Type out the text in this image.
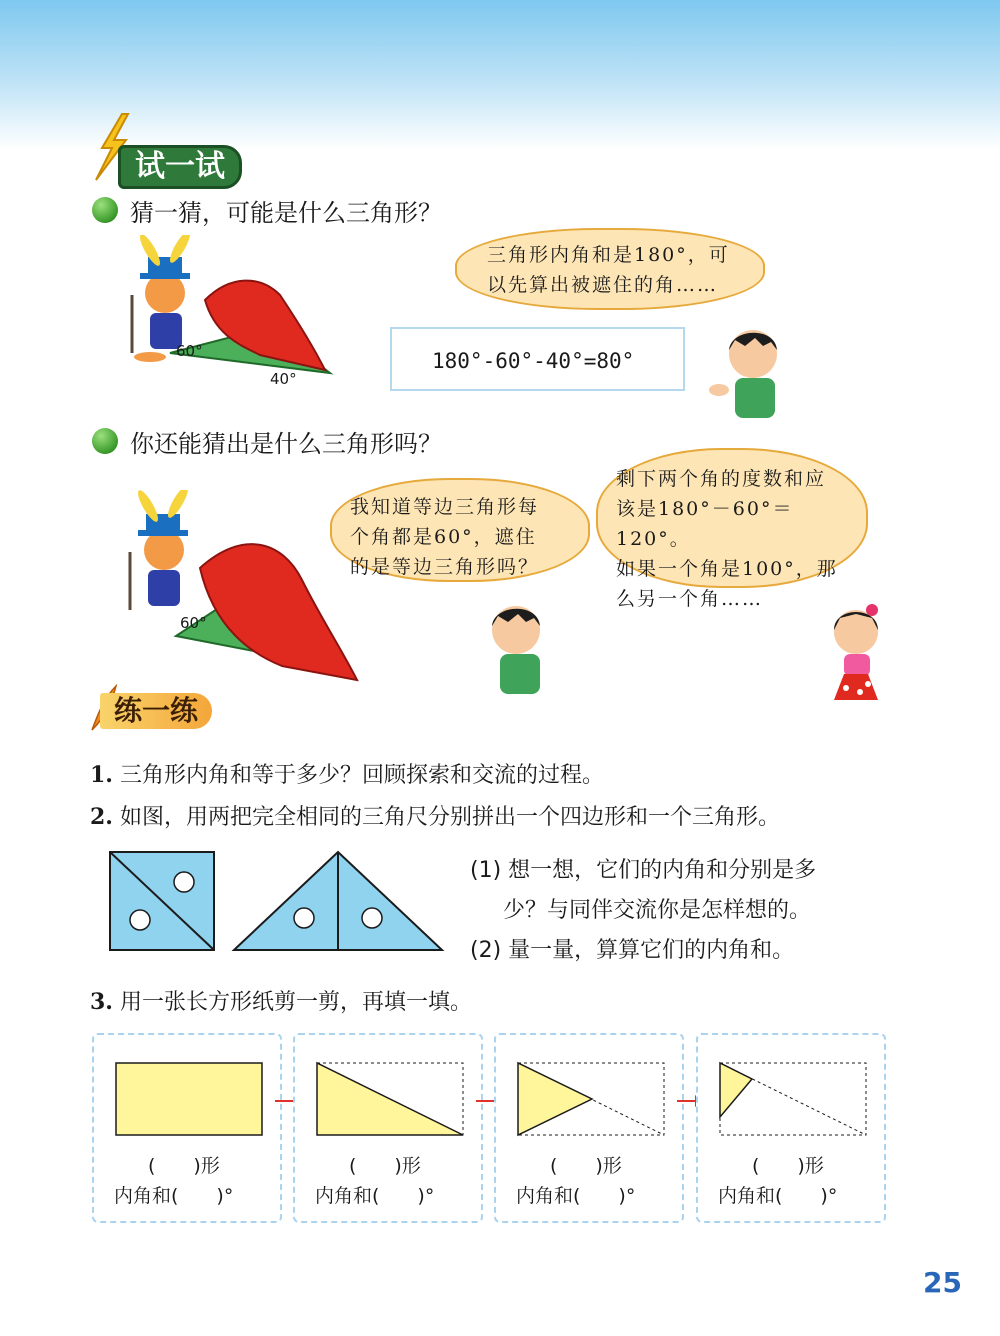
试一试
猜一猜，可能是什么三角形？
60°
40°
三角形内角和是180°，可
以先算出被遮住的角……
180°-60°-40°=80°
你还能猜出是什么三角形吗？
60°
我知道等边三角形每
个角都是60°，遮住
的是等边三角形吗？
剩下两个角的度数和应
该是180°－60°＝120°。
如果一个角是100°，那
么另一个角……
练一练
1. 三角形内角和等于多少？回顾探索和交流的过程。
2. 如图，用两把完全相同的三角尺分别拼出一个四边形和一个三角形。
(1) 想一想，它们的内角和分别是多
少？与同伴交流你是怎样想的。
(2) 量一量，算算它们的内角和。
3. 用一张长方形纸剪一剪，再填一填。
(　　)形
内角和(　　)°
(　　)形
内角和(　　)°
(　　)形
内角和(　　)°
(　　)形
内角和(　　)°
25
